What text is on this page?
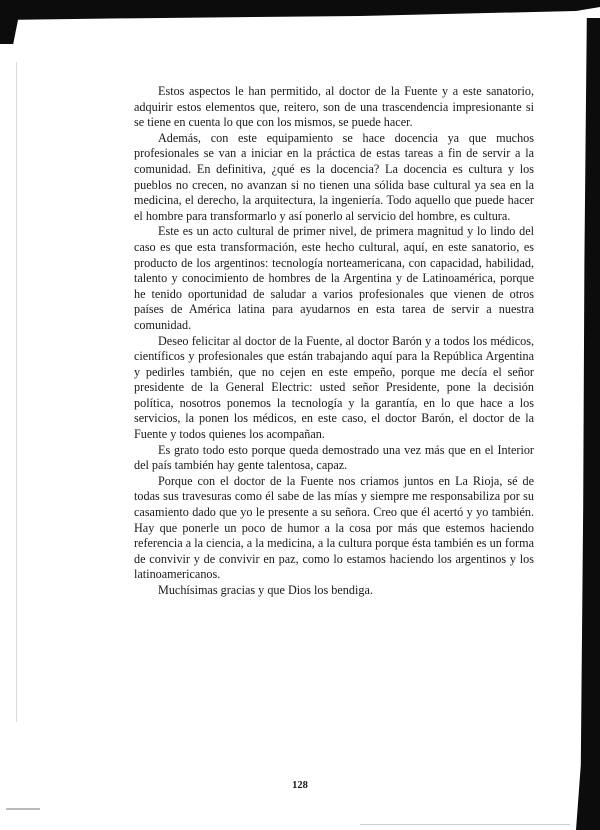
Estos aspectos le han permitido, al doctor de la Fuente y a este sanatorio, adquirir estos elementos que, reitero, son de una trascendencia impresionante si se tiene en cuenta lo que con los mismos, se puede hacer.

Además, con este equipamiento se hace docencia ya que muchos profesionales se van a iniciar en la práctica de estas tareas a fin de servir a la comunidad. En definitiva, ¿qué es la docencia? La docencia es cultura y los pueblos no crecen, no avanzan si no tienen una sólida base cultural ya sea en la medicina, el derecho, la arquitectura, la ingeniería. Todo aquello que puede hacer el hombre para transformarlo y así ponerlo al servicio del hombre, es cultura.

Este es un acto cultural de primer nivel, de primera magnitud y lo lindo del caso es que esta transformación, este hecho cultural, aquí, en este sanatorio, es producto de los argentinos: tecnología norteamericana, con capacidad, habilidad, talento y conocimiento de hombres de la Argentina y de Latinoamérica, porque he tenido oportunidad de saludar a varios profesionales que vienen de otros países de América latina para ayudarnos en esta tarea de servir a nuestra comunidad.

Deseo felicitar al doctor de la Fuente, al doctor Barón y a todos los médicos, científicos y profesionales que están trabajando aquí para la República Argentina y pedirles también, que no cejen en este empeño, porque me decía el señor presidente de la General Electric: usted señor Presidente, pone la decisión política, nosotros ponemos la tecnología y la garantía, en lo que hace a los servicios, la ponen los médicos, en este caso, el doctor Barón, el doctor de la Fuente y todos quienes los acompañan.

Es grato todo esto porque queda demostrado una vez más que en el Interior del país también hay gente talentosa, capaz.

Porque con el doctor de la Fuente nos criamos juntos en La Rioja, sé de todas sus travesuras como él sabe de las mías y siempre me responsabiliza por su casamiento dado que yo le presente a su señora. Creo que él acertó y yo también. Hay que ponerle un poco de humor a la cosa por más que estemos haciendo referencia a la ciencia, a la medicina, a la cultura porque ésta también es un forma de convivir y de convivir en paz, como lo estamos haciendo los argentinos y los latinoamericanos.

Muchísimas gracias y que Dios los bendiga.

128
